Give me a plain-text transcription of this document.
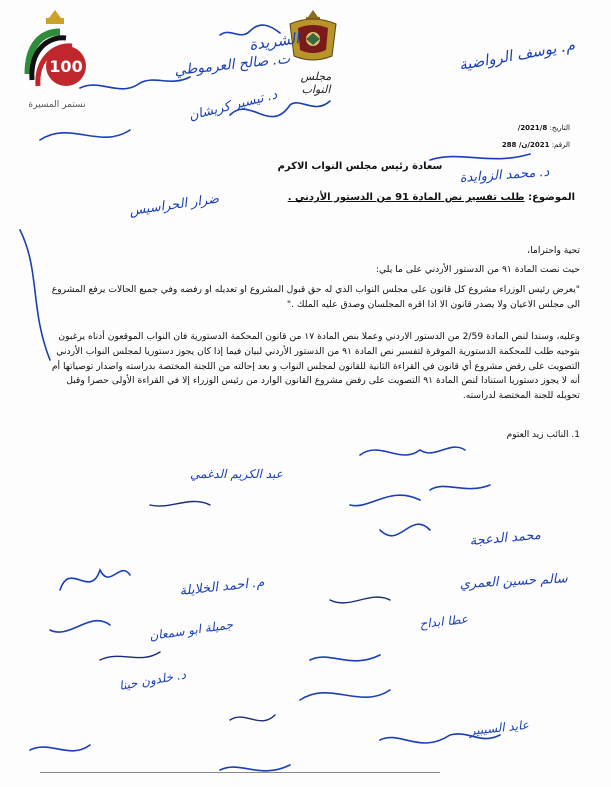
100
نستمر المسيرة
مجلس النواب
التاريخ: 2021/8/
الرقم: 2021/ن/ 288
سعادة رئيس مجلس النواب الاكرم
الموضوع: طلب تفسير نص المادة 91 من الدستور الأردني .
تحية واحتراما،
حيث نصت المادة ٩١ من الدستور الأردني على ما يلي:
"يعرض رئيس الوزراء مشروع كل قانون على مجلس النواب الذي له حق قبول المشروع او تعديله او رفضه وفي جميع الحالات يرفع المشروع الى مجلس الاعيان ولا يصدر قانون الا اذا اقره المجلسان وصدق عليه الملك ."
وعليه، وسندا لنص المادة 2/59 من الدستور الاردني وعملا بنص المادة ١٧ من قانون المحكمة الدستورية فان النواب الموقعون أدناه يرغبون بتوجيه طلب للمحكمة الدستورية الموقرة لتفسير نص المادة ٩١ من الدستور الأردني لبيان فيما إذا كان يجوز دستوريا لمجلس النواب الأردني التصويت على رفض مشروع أي قانون في القراءة الثانية للقانون لمجلس النواب و بعد إحالته من اللجنة المختصة بدراسته واصدار توصياتها أم أنه لا يجوز دستوريا استنادا لنص المادة ٩١ التصويت على رفض مشروع القانون الوارد من رئيس الوزراء إلا في القراءة الأولى حصرا وقبل تحويله للجنة المختصة لدراسته.
1. النائب زيد العتوم
الشريدة
ت. صالح العرموطي	م. يوسف الرواضية
د. تيسير كريشان
د. محمد الزوايدة
ضرار الحراسيس
عبد الكريم الدغمي
محمد الدعجة
م. احمد الخلايلة
د. خلدون حينا
عطا ابداح
جميلة ابو سمعان
سالم حسين العمري
عايد السيبير
